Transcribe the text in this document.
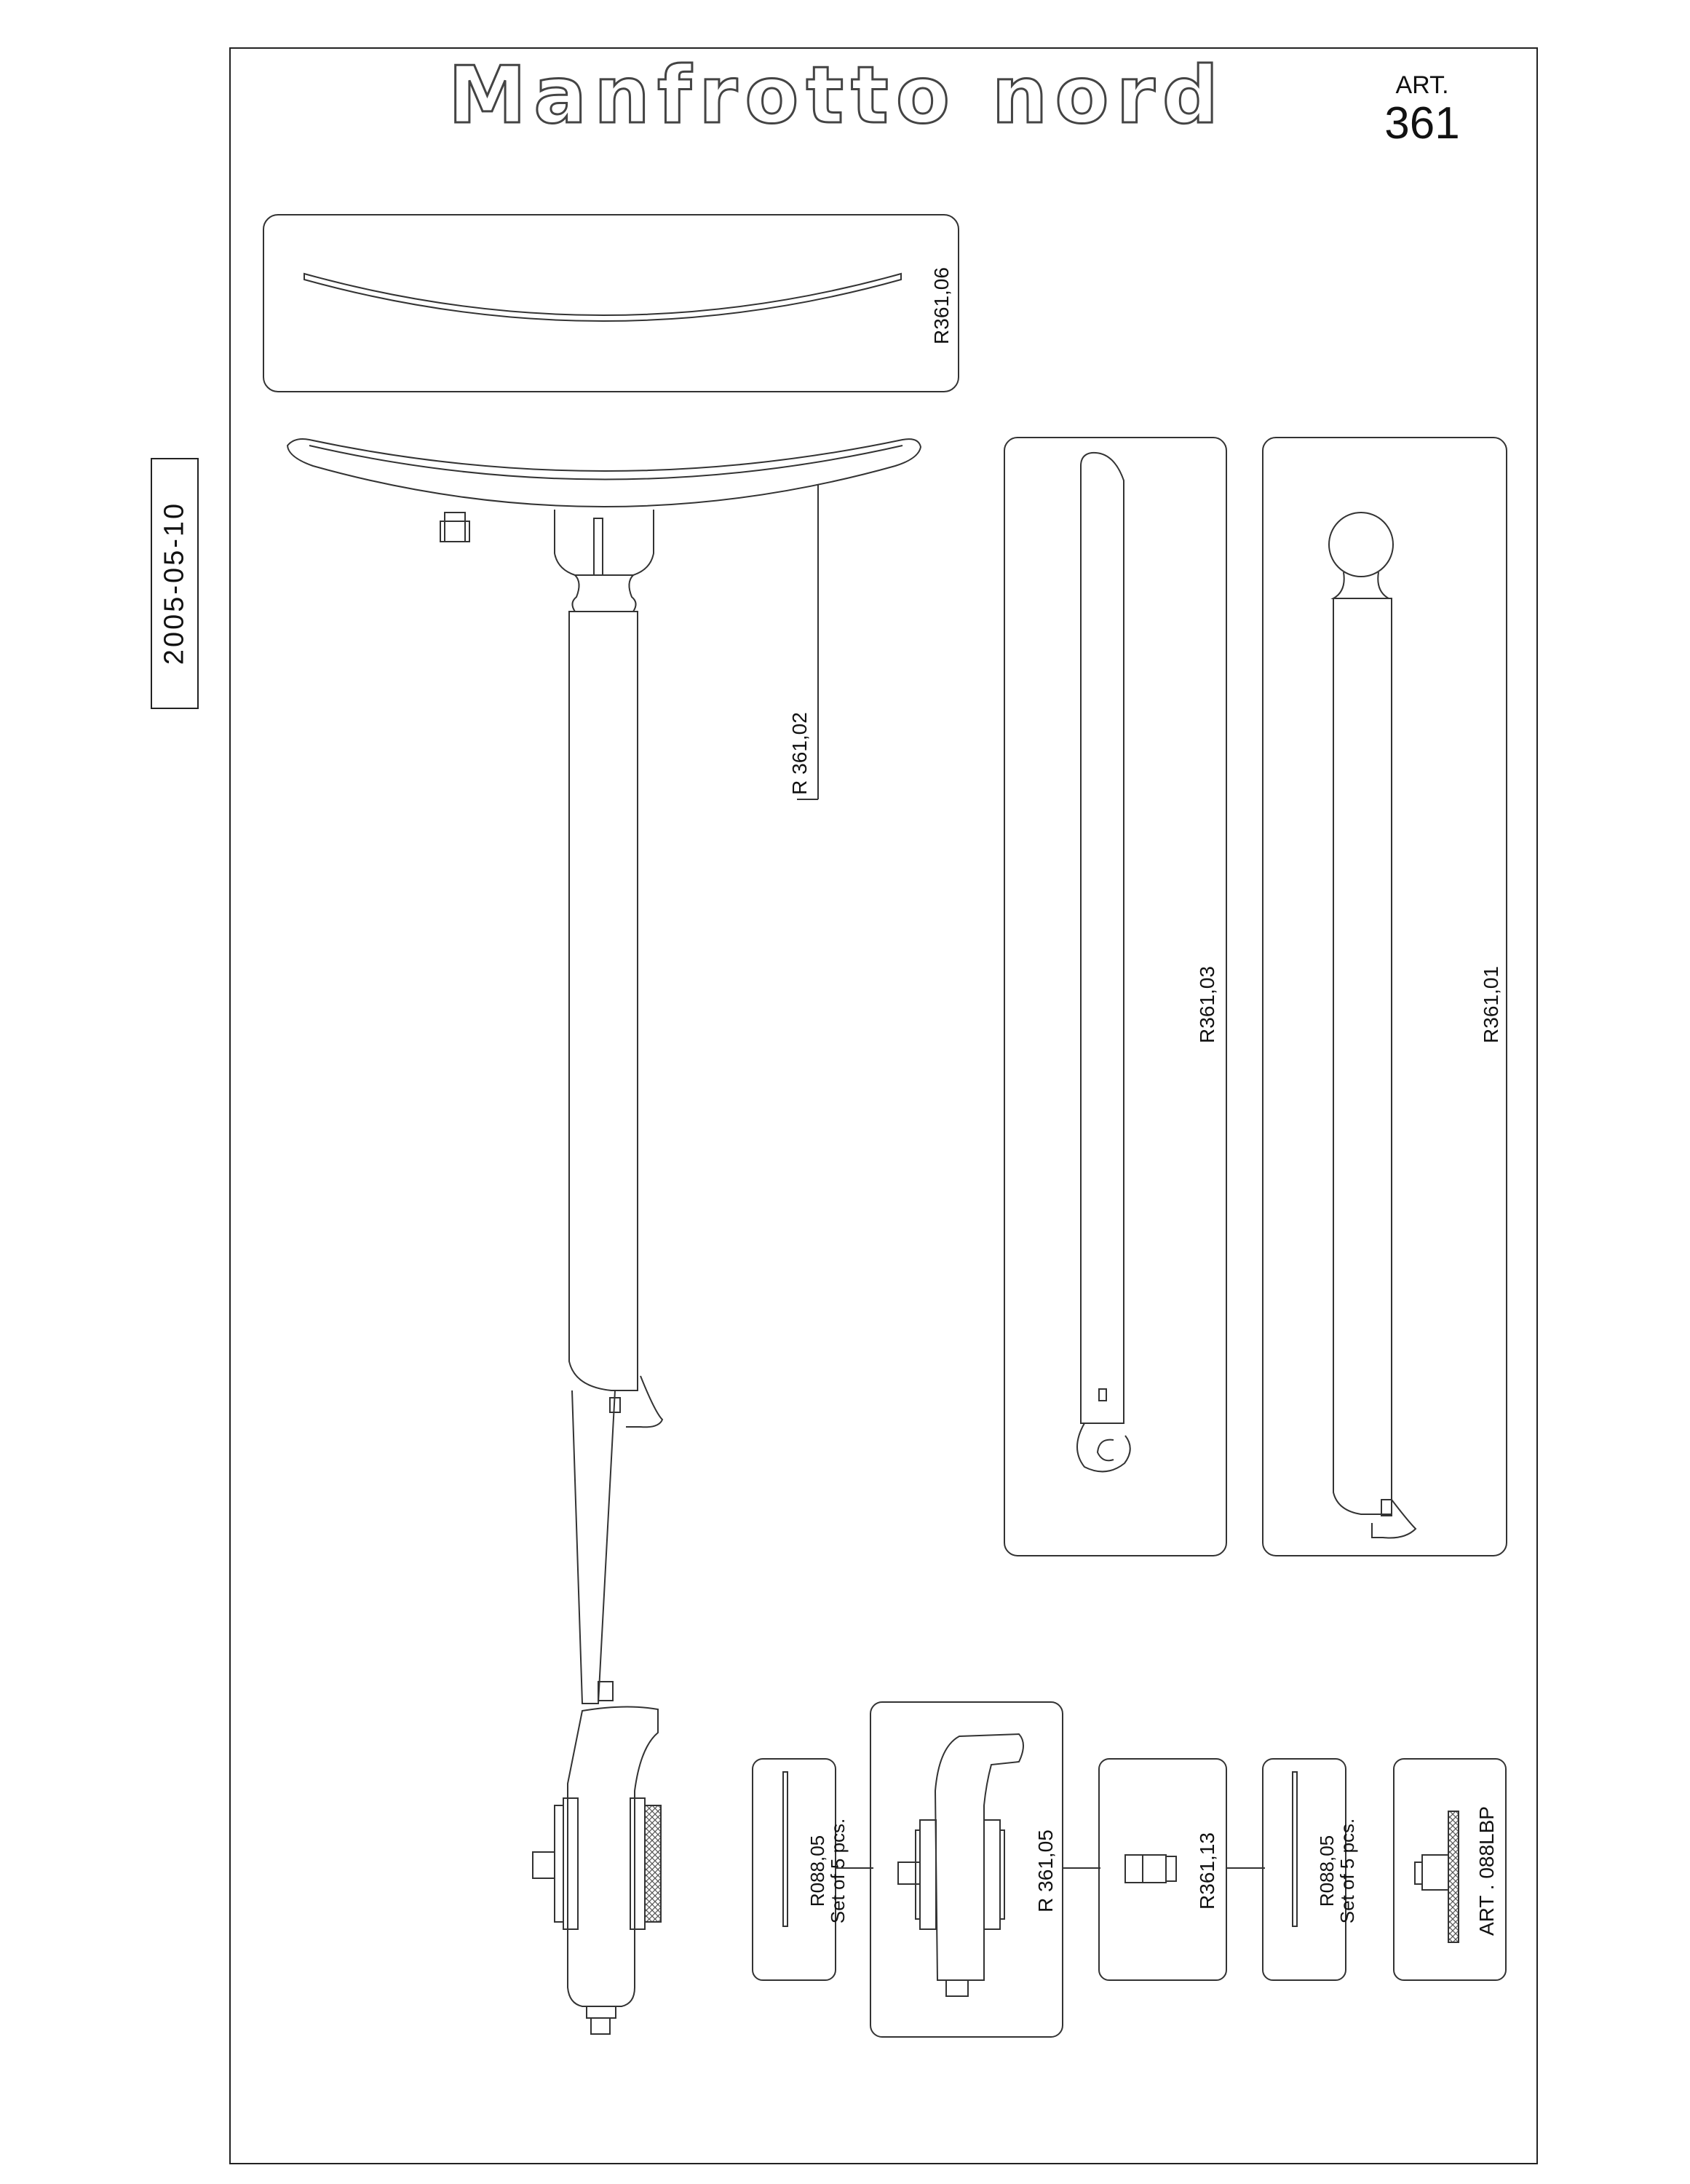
2005-05-10
ART.
361
Manfrotto nord
R361,06
R 361,02
R361,03	R361,01
R088,05
Set of 5 pcs.	R 361,05	R361,13	R088,05
Set of 5 pcs.	ART . 088LBP
